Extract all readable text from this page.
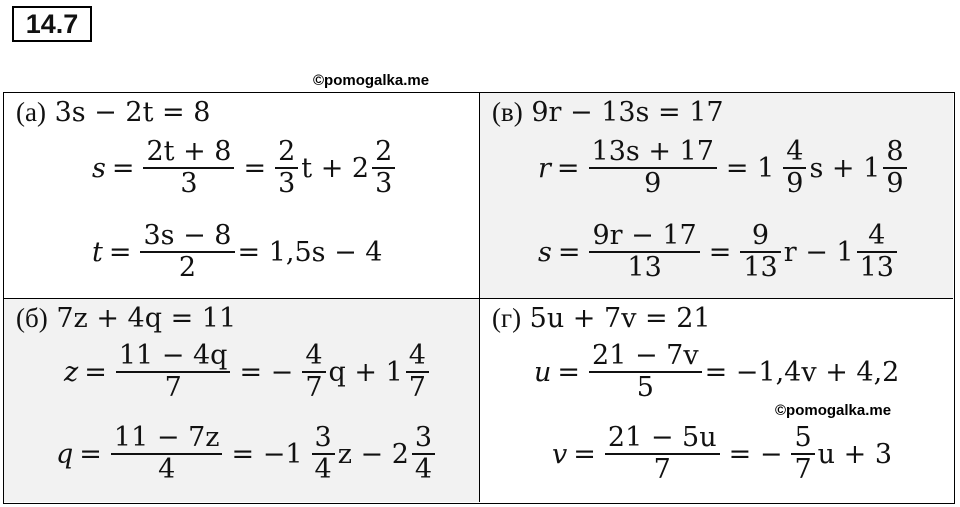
14.7
©pomogalka.me
(а) 3s − 2t = 8
$s = \frac{2t + 8}{3} = \frac{2}{3}$ $t + 2 \frac{2}{3}$
$t = \frac{3s - 8}{2} = 1,5s - 4$
(в) 9r − 13s = 17
$r = \frac{13s + 17}{9} = 1 \frac{4}{9}$ $s + 1 \frac{8}{9}$
$s = \frac{9r - 17}{13} = \frac{9}{13}$ $r - 1 \frac{4}{13}$
(б) 7z + 4q = 11
$z = \frac{11 - 4q}{7}$ = − $\frac{4}{7}$ $q + 1 \frac{4}{7}$
$q = \frac{11 - 7z}{4} = -1 \frac{3}{4}$ $z - 2 \frac{3}{4}$
(г) 5u + 7v = 21
$u = \frac{21 - 7v}{5} = -1,4v + 4,2$
$v = \frac{21 - 5u}{7}$ = − $\frac{5}{7}$ u + 3
©pomogalka.me
